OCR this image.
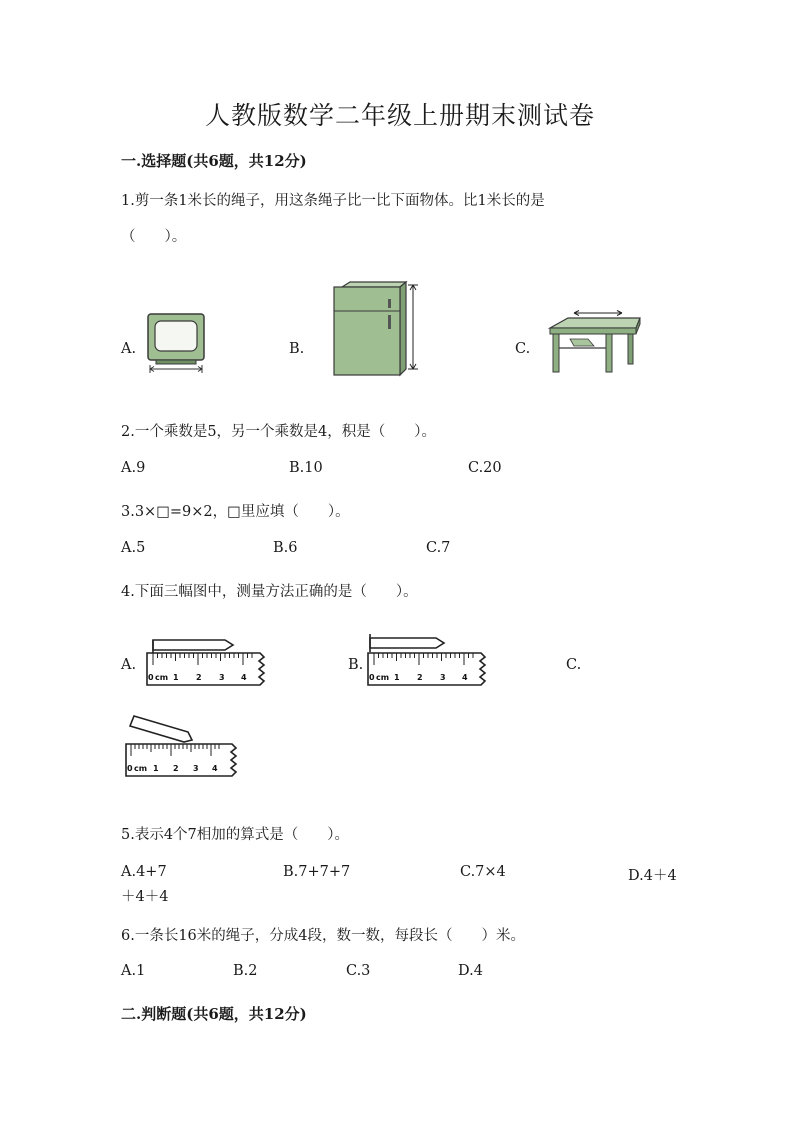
人教版数学二年级上册期末测试卷
一.选择题(共6题，共12分)
1.剪一条1米长的绳子，用这条绳子比一比下面物体。比1米长的是
（　　）。
A.	B.	C.
2.一个乘数是5，另一个乘数是4，积是（　　）。
A.9	B.10	C.20
3.3×□=9×2，□里应填（　　）。
A.5	B.6	C.7
4.下面三幅图中，测量方法正确的是（　　）。
A.
0 cm 1 2 3 4
B.
0 cm 1 2 3 4
C.
0 cm 1 2 3 4
5.表示4个7相加的算式是（　　）。
A.4+7	B.7+7+7	C.7×4	D.4＋4
＋4＋4
6.一条长16米的绳子，分成4段，数一数，每段长（　　）米。
A.1	B.2	C.3	D.4
二.判断题(共6题，共12分)
